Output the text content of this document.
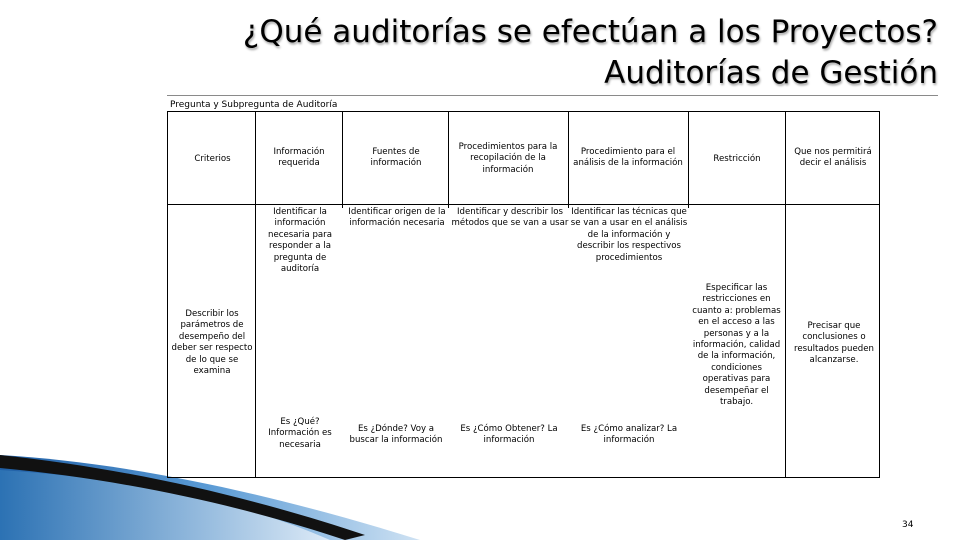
¿Qué auditorías se efectúan a los Proyectos?
Auditorías de Gestión
Pregunta y Subpregunta de Auditoría
Criterios
Información requerida
Fuentes de información
Procedimientos para la recopilación de la información
Procedimiento para el análisis de la información	Restricción
Que nos permitirá decir el análisis
Describir los parámetros de desempeño del deber ser respecto de lo que se examina
Identificar la información necesaria para responder a la pregunta de auditoría
Identificar origen de la información necesaria
Identificar y describir los métodos que se van a usar
Identificar las técnicas que se van a usar en el análisis de la información y describir los respectivos procedimientos
Especificar las restricciones en cuanto a: problemas en el acceso a las personas y a la información, calidad de la información, condiciones operativas para desempeñar el trabajo.
Precisar que conclusiones o resultados pueden alcanzarse.
Es ¿Qué? Información es necesaria
Es ¿Dónde? Voy a buscar la información
Es ¿Cómo Obtener? La información
Es ¿Cómo analizar? La información
34
